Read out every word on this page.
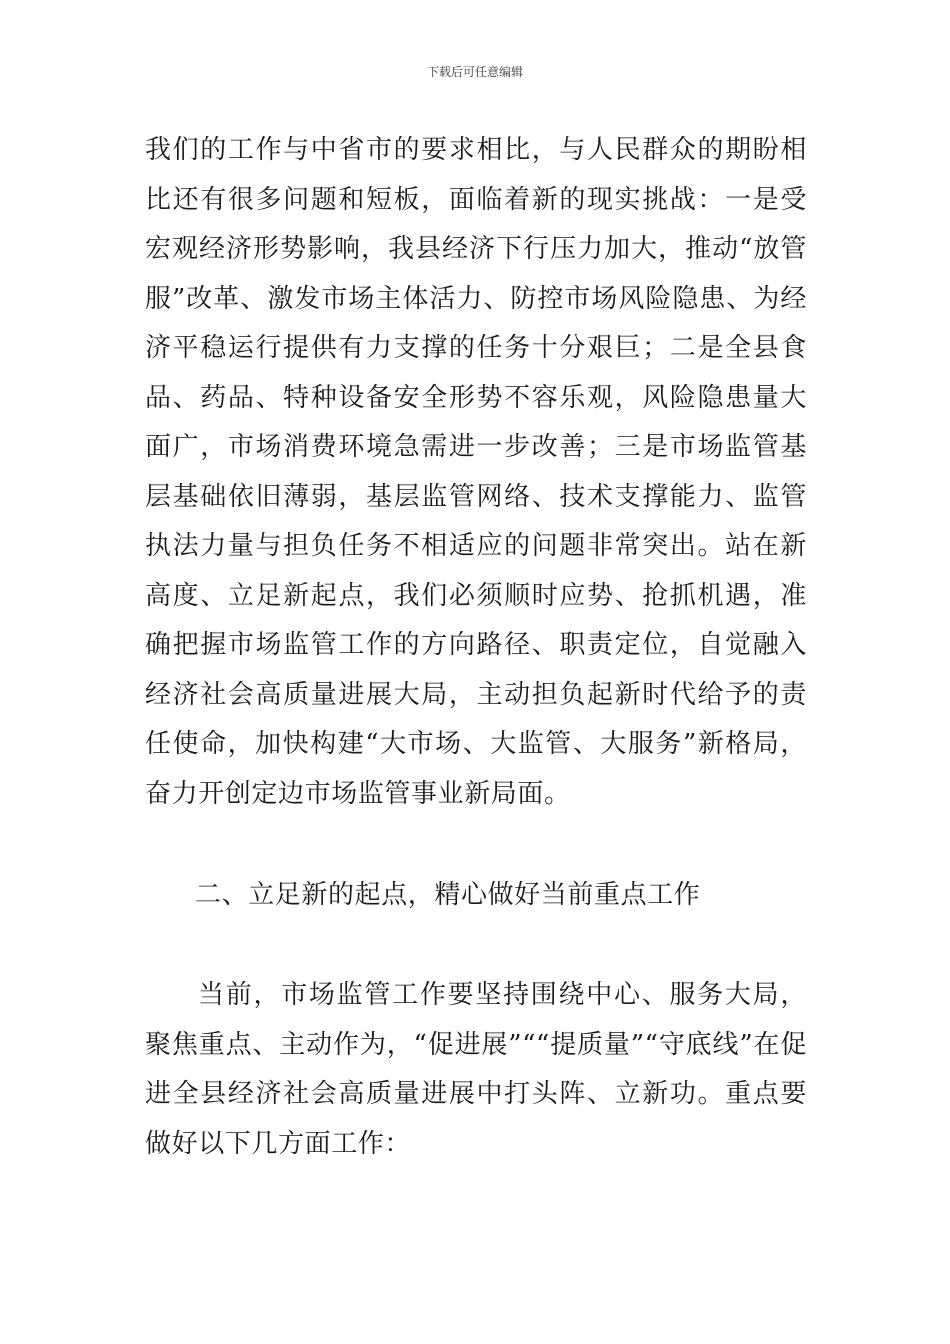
下载后可任意编辑

我们的工作与中省市的要求相比，与人民群众的期盼相比还有很多问题和短板，面临着新的现实挑战：一是受宏观经济形势影响，我县经济下行压力加大，推动“放管服”改革、激发市场主体活力、防控市场风险隐患、为经济平稳运行提供有力支撑的任务十分艰巨；二是全县食品、药品、特种设备安全形势不容乐观，风险隐患量大面广，市场消费环境急需进一步改善；三是市场监管基层基础依旧薄弱，基层监管网络、技术支撑能力、监管执法力量与担负任务不相适应的问题非常突出。站在新高度、立足新起点，我们必须顺时应势、抢抓机遇，准确把握市场监管工作的方向路径、职责定位，自觉融入经济社会高质量进展大局，主动担负起新时代给予的责任使命，加快构建“大市场、大监管、大服务”新格局，奋力开创定边市场监管事业新局面。

二、立足新的起点，精心做好当前重点工作

当前，市场监管工作要坚持围绕中心、服务大局，聚焦重点、主动作为，“促进展”““提质量”“守底线”在促进全县经济社会高质量进展中打头阵、立新功。重点要做好以下几方面工作：
